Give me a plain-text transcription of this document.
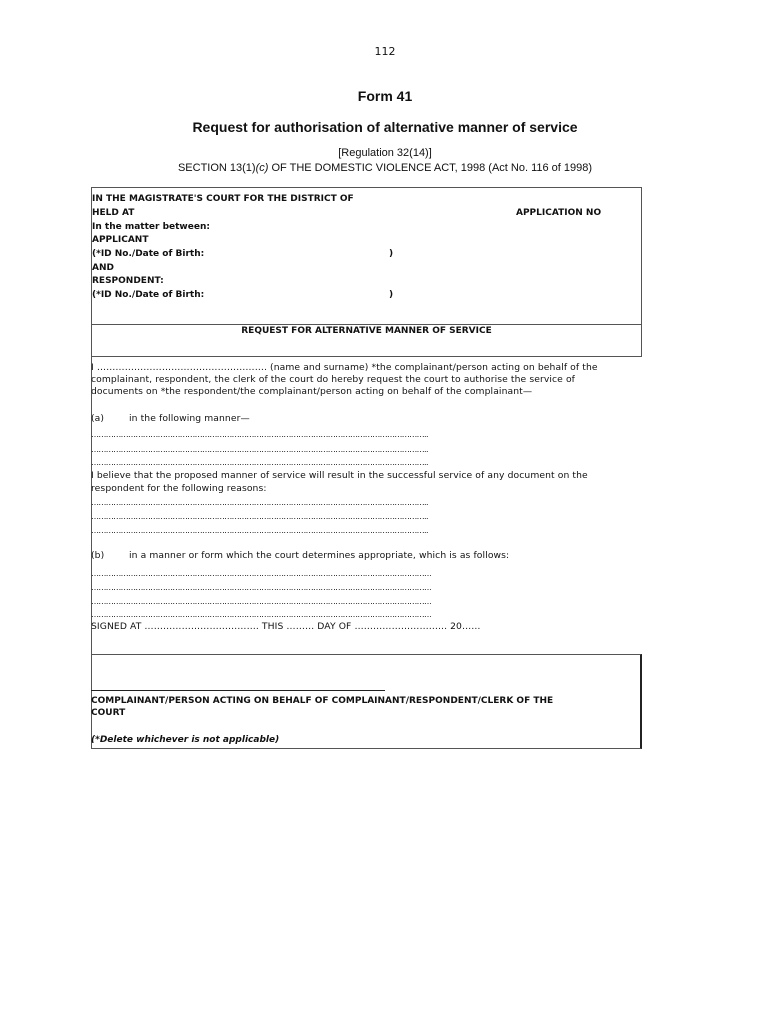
112
Form 41
Request for authorisation of alternative manner of service
[Regulation 32(14)]
SECTION 13(1)(c) OF THE DOMESTIC VIOLENCE ACT, 1998 (Act No. 116 of 1998)
IN THE MAGISTRATE'S COURT FOR THE DISTRICT OF
HELD AT	APPLICATION NO
In the matter between:
APPLICANT
(*ID No./Date of Birth:	)
AND
RESPONDENT:
(*ID No./Date of Birth:	)
REQUEST FOR ALTERNATIVE MANNER OF SERVICE
I ………………………………………………. (name and surname) *the complainant/person acting on behalf of the
complainant, respondent, the clerk of the court do hereby request the court to authorise the service of
documents on *the respondent/the complainant/person acting on behalf of the complainant—
(a)	in the following manner—
………………………………………………………………………………………………………………………..
………………………………………………………………………………………………………………………..
………………………………………………………………………………………………………………………..
I believe that the proposed manner of service will result in the successful service of any document on the
respondent for the following reasons:
………………………………………………………………………………………………………………………..
………………………………………………………………………………………………………………………..
………………………………………………………………………………………………………………………..
(b)	in a manner or form which the court determines appropriate, which is as follows:
…………………………………………………………………………………………………………………………
…………………………………………………………………………………………………………………………
…………………………………………………………………………………………………………………………
…………………………………………………………………………………………………………………………
SIGNED AT ………………………………. THIS ……… DAY OF ………………………... 20……
COMPLAINANT/PERSON ACTING ON BEHALF OF COMPLAINANT/RESPONDENT/CLERK OF THE
COURT
(*Delete whichever is not applicable)
